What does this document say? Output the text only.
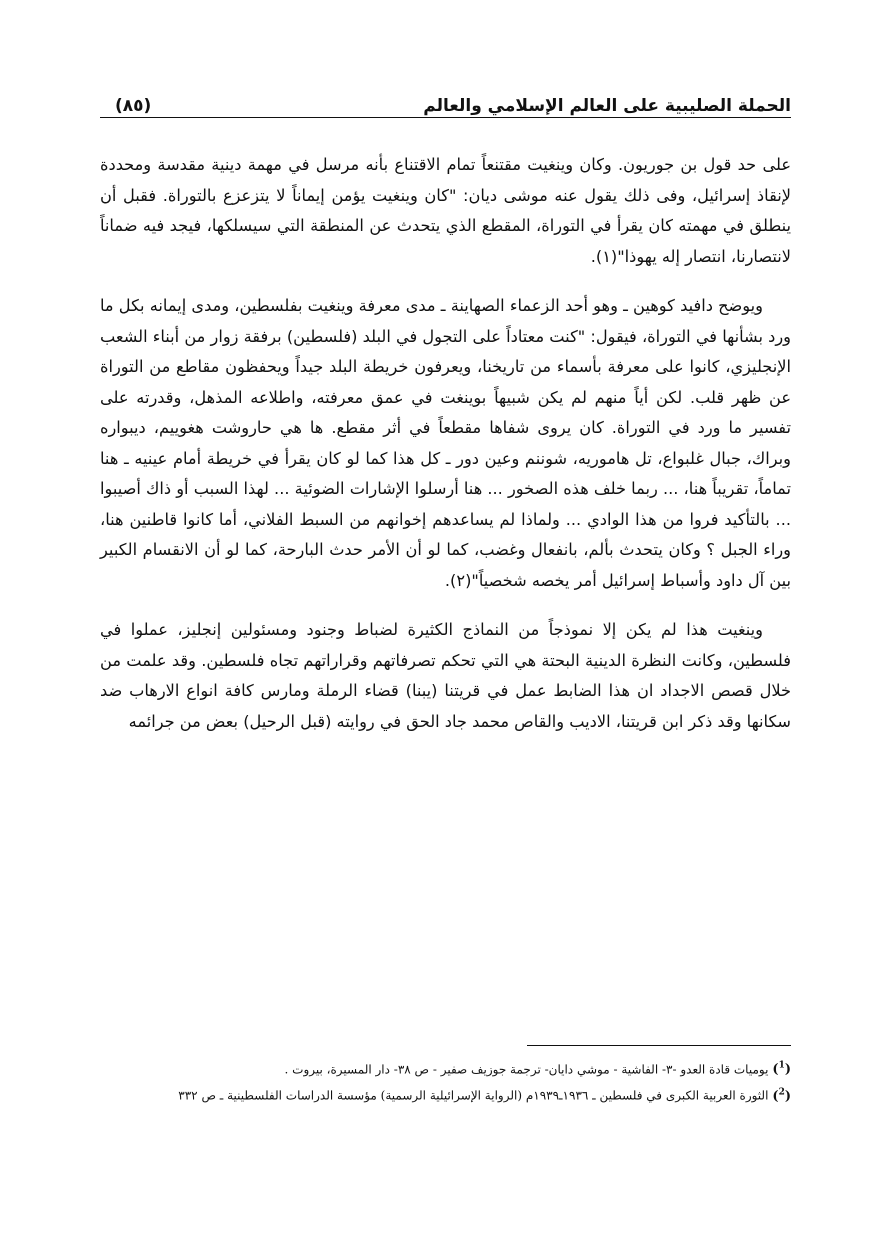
الحملة الصليبية على العالم الإسلامي والعالم
(٨٥)

على حد قول بن جوريون. وكان وينغيت مقتنعاً تمام الاقتناع بأنه مرسل في مهمة دينية مقدسة ومحددة لإنقاذ إسرائيل، وفى ذلك يقول عنه موشى ديان: "كان وينغيت يؤمن إيماناً لا يتزعزع بالتوراة. فقبل أن ينطلق في مهمته كان يقرأ في التوراة، المقطع الذي يتحدث عن المنطقة التي سيسلكها، فيجد فيه ضماناً لانتصارنا، انتصار إله يهوذا"(١).

ويوضح دافيد كوهين ـ وهو أحد الزعماء الصهاينة ـ مدى معرفة وينغيت بفلسطين، ومدى إيمانه بكل ما ورد بشأنها في التوراة، فيقول: "كنت معتاداً على التجول في البلد (فلسطين) برفقة زوار من أبناء الشعب الإنجليزي، كانوا على معرفة بأسماء من تاريخنا، ويعرفون خريطة البلد جيداً ويحفظون مقاطع من التوراة عن ظهر قلب. لكن أياً منهم لم يكن شبيهاً بوينغت في عمق معرفته، واطلاعه المذهل، وقدرته على تفسير ما ورد في التوراة. كان يروى شفاها مقطعاً في أثر مقطع. ها هي حاروشت هغوييم، ديبواره وبراك، جبال غلبواع، تل هاموريه، شوننم وعين دور ـ كل هذا كما لو كان يقرأ في خريطة أمام عينيه ـ هنا تماماً، تقريباً هنا، ... ربما خلف هذه الصخور ... هنا أرسلوا الإشارات الضوئية ... لهذا السبب أو ذاك أصيبوا ... بالتأكيد فروا من هذا الوادي ... ولماذا لم يساعدهم إخوانهم من السبط الفلاني، أما كانوا قاطنين هنا، وراء الجبل ؟ وكان يتحدث بألم، بانفعال وغضب، كما لو أن الأمر حدث البارحة، كما لو أن الانقسام الكبير بين آل داود وأسباط إسرائيل أمر يخصه شخصياً"(٢).

وينغيت هذا لم يكن إلا نموذجاً من النماذج الكثيرة لضباط وجنود ومسئولين إنجليز، عملوا في فلسطين، وكانت النظرة الدينية البحتة هي التي تحكم تصرفاتهم وقراراتهم تجاه فلسطين. وقد علمت من خلال قصص الاجداد ان هذا الضابط عمل في قريتنا (يبنا) قضاء الرملة ومارس كافة انواع الارهاب ضد سكانها وقد ذكر ابن قريتنا، الاديب والقاص محمد جاد الحق في روايته (قبل الرحيل) بعض من جرائمه

($^1$)يوميات قادة العدو -٣- الفاشية - موشي دايان- ترجمة جوزيف صفير - ص ٣٨- دار المسيرة، بيروت .

($^2$)الثورة العربية الكبرى في فلسطين ـ ١٩٣٦ـ١٩٣٩م (الرواية الإسرائيلية الرسمية) مؤسسة الدراسات الفلسطينية ـ ص ٣٣٢
